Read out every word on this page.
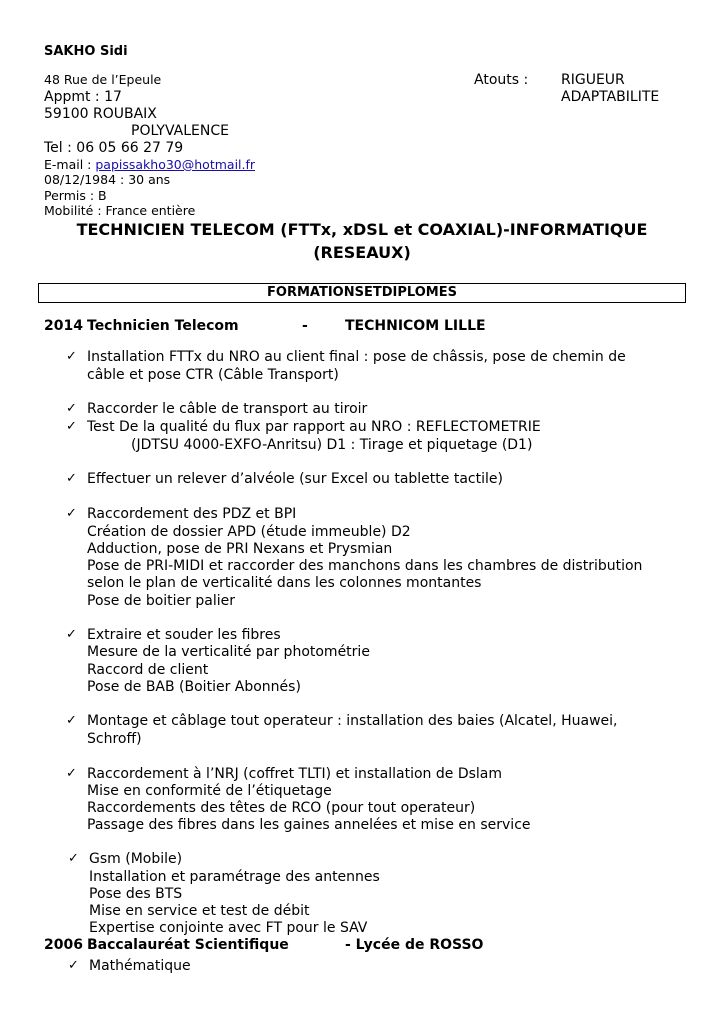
SAKHO Sidi
48 Rue de l’Epeule
Appmt : 17
59100 ROUBAIX
POLYVALENCE
Tel : 06 05 66 27 79
E-mail : papissakho30@hotmail.fr
08/12/1984 : 30 ans
Permis : B
Mobilité : France entière
Atouts : RIGUEUR
ADAPTABILITE
TECHNICIEN TELECOM (FTTx, xDSL et COAXIAL)-INFORMATIQUE
(RESEAUX)
FORMATIONSETDIPLOMES
2014 Technicien Telecom	-	TECHNICOM LILLE
✓
✓
✓
✓
✓
✓
✓
✓
✓
✓
Installation FTTx du NRO au client final : pose de châssis, pose de chemin de
câble et pose CTR (Câble Transport)
Raccorder le câble de transport au tiroir
Test De la qualité du flux par rapport au NRO : REFLECTOMETRIE
(JDTSU 4000-EXFO-Anritsu) D1 : Tirage et piquetage (D1)
Effectuer un relever d’alvéole (sur Excel ou tablette tactile)
Raccordement des PDZ et BPI
Création de dossier APD (étude immeuble) D2
Adduction, pose de PRI Nexans et Prysmian
Pose de PRI-MIDI et raccorder des manchons dans les chambres de distribution
selon le plan de verticalité dans les colonnes montantes
Pose de boitier palier
Extraire et souder les fibres
Mesure de la verticalité par photométrie
Raccord de client
Pose de BAB (Boitier Abonnés)
Montage et câblage tout operateur : installation des baies (Alcatel, Huawei,
Schroff)
Raccordement à l’NRJ (coffret TLTI) et installation de Dslam
Mise en conformité de l’étiquetage
Raccordements des têtes de RCO (pour tout operateur)
Passage des fibres dans les gaines annelées et mise en service
Gsm (Mobile)
Installation et paramétrage des antennes
Pose des BTS
Mise en service et test de débit
Expertise conjointe avec FT pour le SAV
2006 Baccalauréat Scientifique	- Lycée de ROSSO
Mathématique
